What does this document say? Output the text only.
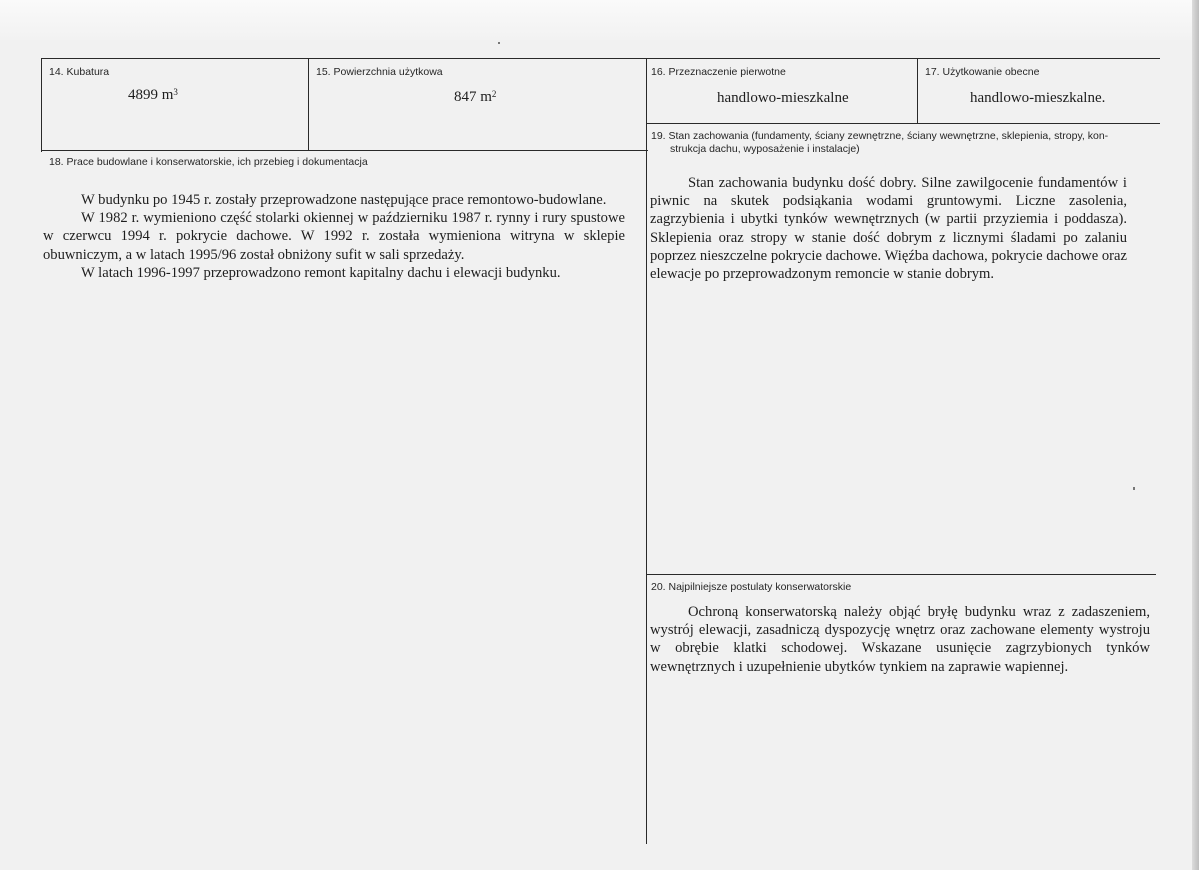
14. Kubatura
4899 $m^3$
15. Powierzchnia użytkowa
847 $m^2$
16. Przeznaczenie pierwotne
handlowo-mieszkalne
17. Użytkowanie obecne
handlowo-mieszkalne.
18. Prace budowlane i konserwatorskie, ich przebieg i dokumentacja

W budynku po 1945 r. zostały przeprowadzone następujące prace remontowo-budowlane.

W 1982 r. wymieniono część stolarki okiennej w październiku 1987 r. rynny i rury spustowe w czerwcu 1994 r. pokrycie dachowe. W 1992 r. została wymieniona witryna w sklepie obuwniczym, a w latach 1995/96 został obniżony sufit w sali sprzedaży.

W latach 1996-1997 przeprowadzono remont kapitalny dachu i elewacji budynku.

19. Stan zachowania (fundamenty, ściany zewnętrzne, ściany wewnętrzne, sklepienia, stropy, kon-
strukcja dachu, wyposażenie i instalacje)

Stan zachowania budynku dość dobry. Silne zawilgocenie fundamentów i piwnic na skutek podsiąkania wodami gruntowymi. Liczne zasolenia, zagrzybienia i ubytki tynków wewnętrznych (w partii przyziemia i poddasza). Sklepienia oraz stropy w stanie dość dobrym z licznymi śladami po zalaniu poprzez nieszczelne pokrycie dachowe. Więźba dachowa, pokrycie dachowe oraz elewacje po przeprowadzonym remoncie w stanie dobrym.

20. Najpilniejsze postulaty konserwatorskie

Ochroną konserwatorską należy objąć bryłę budynku wraz z zadaszeniem, wystrój elewacji, zasadniczą dyspozycję wnętrz oraz zachowane elementy wystroju w obrębie klatki schodowej. Wskazane usunięcie zagrzybionych tynków wewnętrznych i uzupełnienie ubytków tynkiem na zaprawie wapiennej.
